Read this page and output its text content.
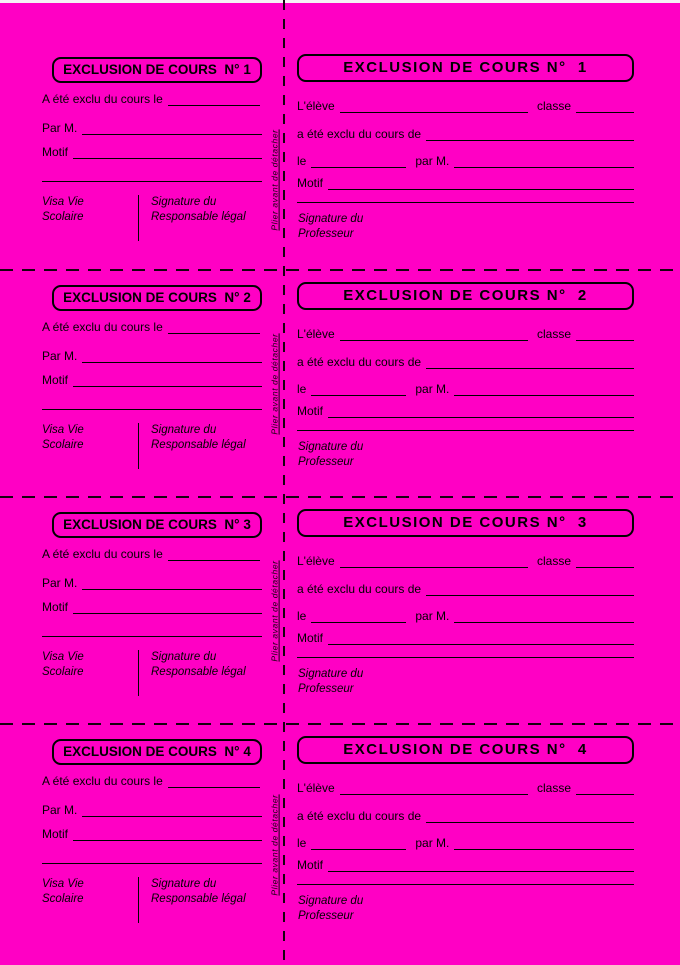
Plier avant de détacher
EXCLUSION DE COURS  N° 1
A été exclu du cours le
Par M.
Motif
Visa Vie
Scolaire
Signature du
Responsable légal
EXCLUSION DE COURS N°  1
L'élève	classe
a été exclu du cours de
le	par M.
Motif
Signature du
Professeur
Plier avant de détacher
EXCLUSION DE COURS  N° 2
A été exclu du cours le
Par M.
Motif
Visa Vie
Scolaire
Signature du
Responsable légal
EXCLUSION DE COURS N°  2
L'élève	classe
a été exclu du cours de
le	par M.
Motif
Signature du
Professeur
Plier avant de détacher
EXCLUSION DE COURS  N° 3
A été exclu du cours le
Par M.
Motif
Visa Vie
Scolaire
Signature du
Responsable légal
EXCLUSION DE COURS N°  3
L'élève	classe
a été exclu du cours de
le	par M.
Motif
Signature du
Professeur
Plier avant de détacher
EXCLUSION DE COURS  N° 4
A été exclu du cours le
Par M.
Motif
Visa Vie
Scolaire
Signature du
Responsable légal
EXCLUSION DE COURS N°  4
L'élève	classe
a été exclu du cours de
le	par M.
Motif
Signature du
Professeur
